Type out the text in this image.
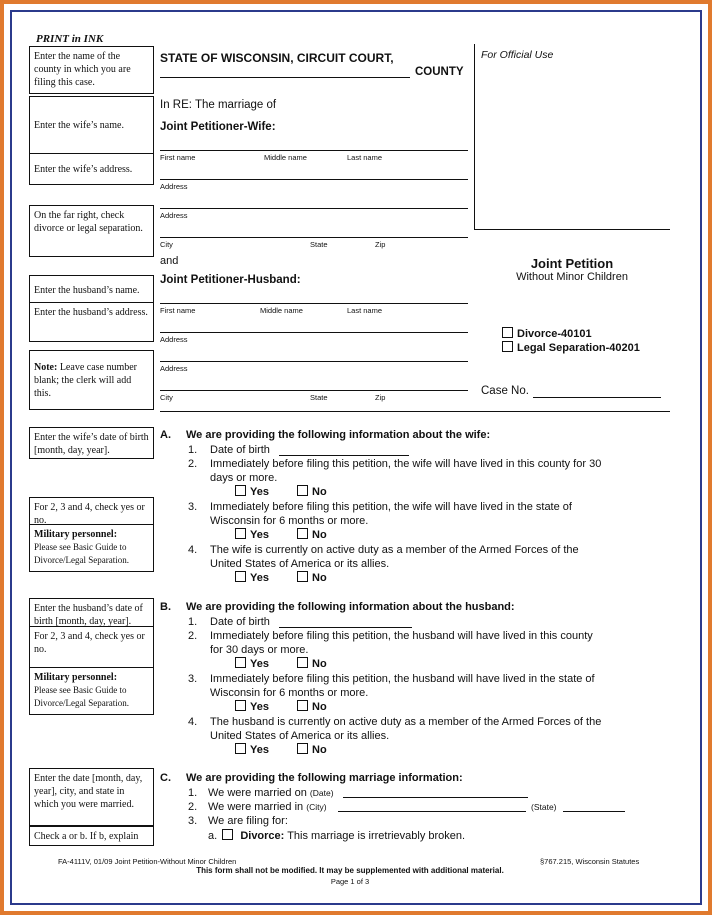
PRINT in INK
Enter the name of the county in which you are filing this case.
Enter the wife’s name.
Enter the wife’s address.
On the far right, check divorce or legal separation.
Enter the husband’s name.
Enter the husband’s address.
Note: Leave case number blank; the clerk will add this.
Enter the wife’s date of birth [month, day, year].
For 2, 3 and 4, check yes or no.
Military personnel:
Please see Basic Guide to Divorce/Legal Separation.
Enter the husband’s date of birth [month, day, year].
For 2, 3 and 4, check yes or no.
Military personnel:
Please see Basic Guide to Divorce/Legal Separation.
Enter the date [month, day, year], city, and state in which you were married.
Check a or b. If b, explain
STATE OF WISCONSIN, CIRCUIT COURT,
COUNTY
In RE: The marriage of
Joint Petitioner-Wife:
First name	Middle name	Last name
Address
Address
City	State	Zip
and
Joint Petitioner-Husband:
First name	Middle name	Last name
Address
Address
City	State	Zip
For Official Use
Joint Petition
Without Minor Children
Divorce-40101
Legal Separation-40201
Case No.
A. We are providing the following information about the wife:
1. Date of birth
2. Immediately before filing this petition, the wife will have lived in this county for 30
days or more.
Yes	No
3. Immediately before filing this petition, the wife will have lived in the state of
Wisconsin for 6 months or more.
Yes	No
4. The wife is currently on active duty as a member of the Armed Forces of the
United States of America or its allies.
Yes	No
B. We are providing the following information about the husband:
1. Date of birth
2. Immediately before filing this petition, the husband will have lived in this county
for 30 days or more.
Yes	No
3. Immediately before filing this petition, the husband will have lived in the state of
Wisconsin for 6 months or more.
Yes	No
4. The husband is currently on active duty as a member of the Armed Forces of the
United States of America or its allies.
Yes	No
C. We are providing the following marriage information:
1. We were married on (Date)
2. We were married in (City)	(State)
3. We are filing for:
a. Divorce: This marriage is irretrievably broken.
FA-4111V, 01/09 Joint Petition-Without Minor Children	§767.215, Wisconsin Statutes
This form shall not be modified. It may be supplemented with additional material.
Page 1 of 3
